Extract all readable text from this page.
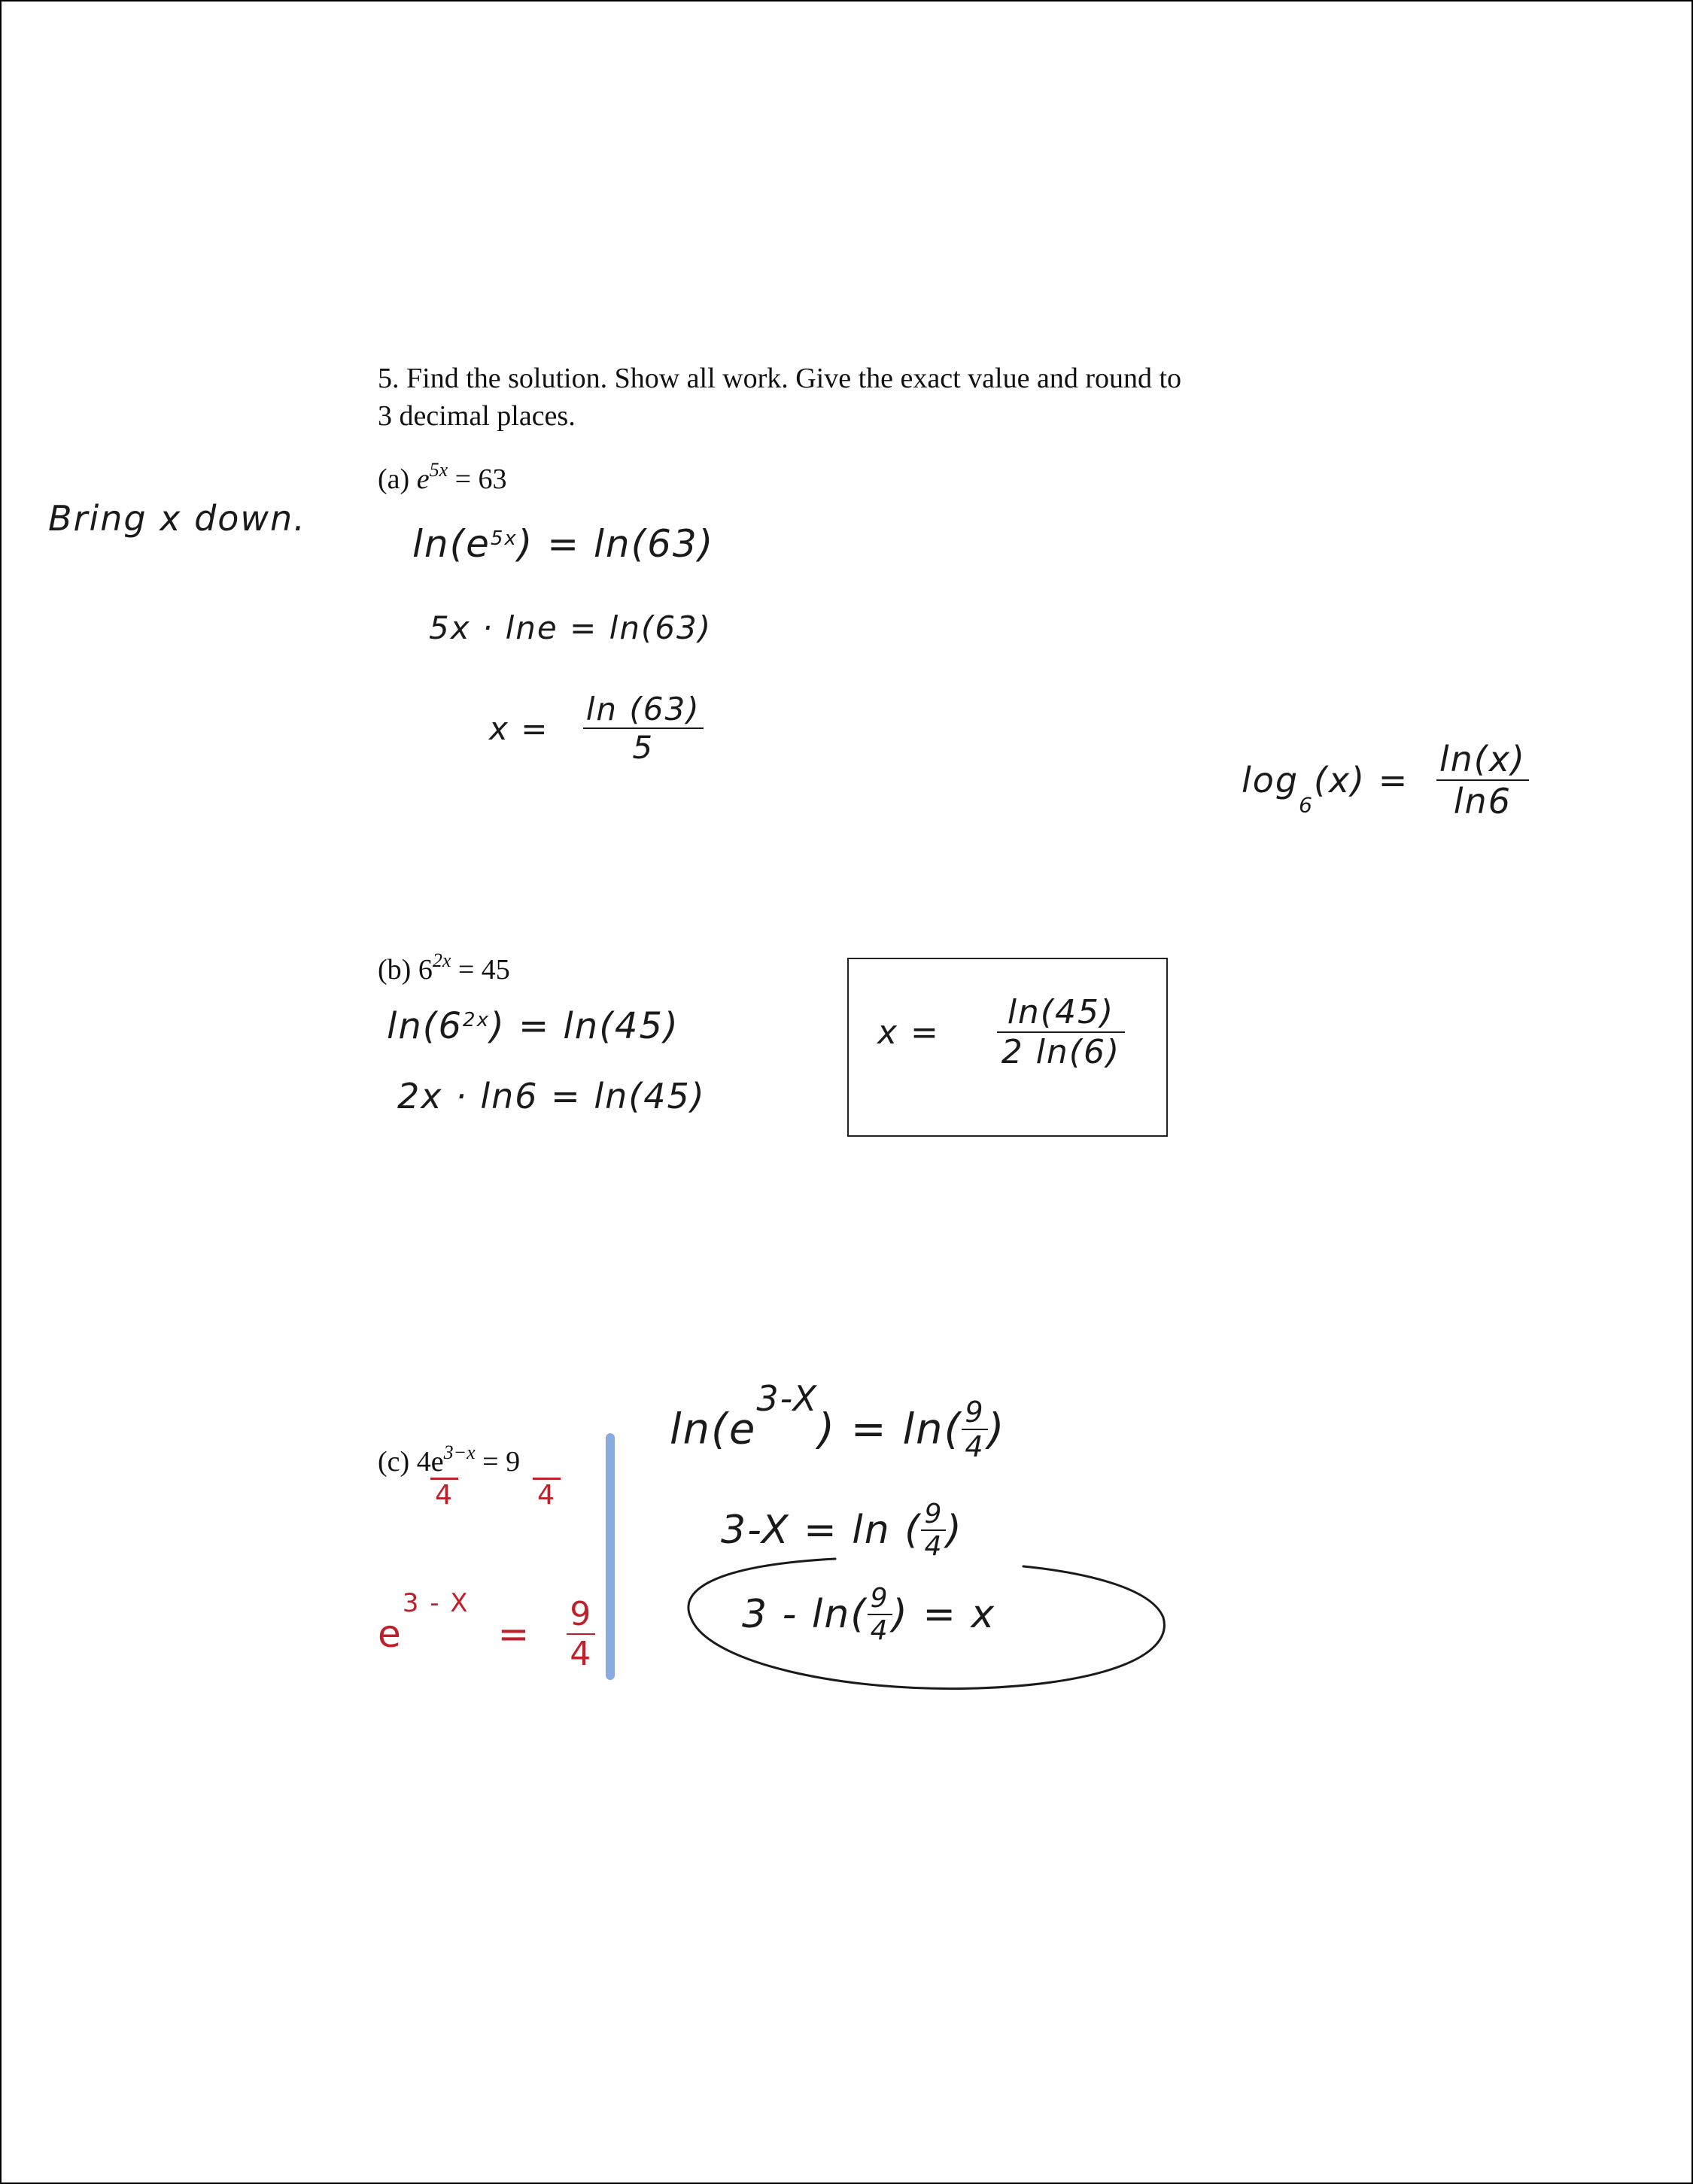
5. Find the solution. Show all work. Give the exact value and round to
3 decimal places.
(a) $e^{5x} = 63$
Bring x down.
$\ln(e^{5x}) = \ln(63)$
5x · lne = ln(63)
$x = \frac{\ln (63)}{5}$
$\log_6(x) = \frac{\ln(x)}{\ln 6}$
(b) $6^{2x} = 45$
$\ln(6^{2x}) = \ln(45)$
2x · ln6 = ln(45)
$x = \frac{\ln(45)}{2 \ln(6)}$
(c) $4e^{3-x} = 9$
4	4
$e^{3 - X} = \frac{9}{4}$
$\ln(e^{3-X}) = \ln( \frac{9}{4}$ )
3-X = ln ( $\frac{9}{4}$ )
$3 - \ln( \frac{9}{4}$ ) = x
